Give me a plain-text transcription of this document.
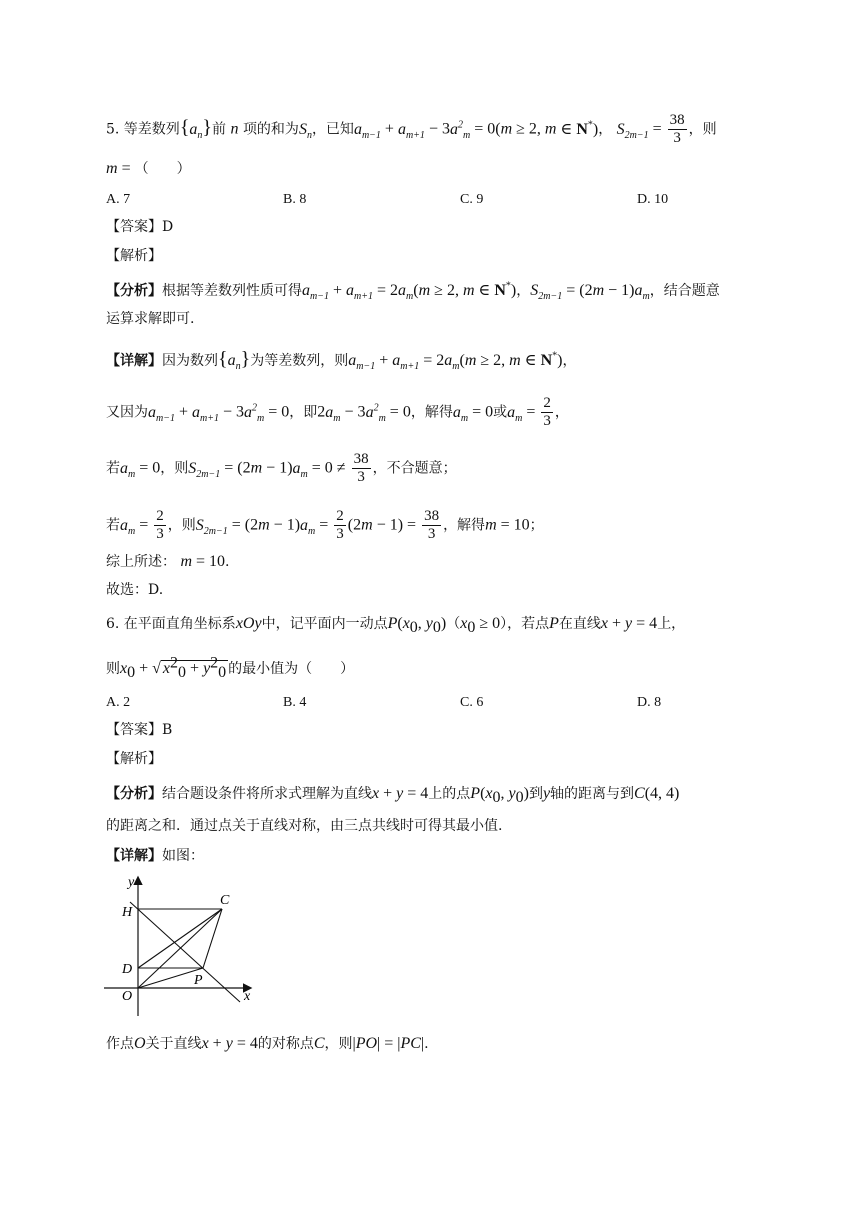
5. 等差数列$\{a_n\}$前 n 项的和为$S_n$，已知$a_{m-1} + a_{m+1} - 3a^2_m = 0(m \ge 2$, m ∈ N*)， $S_{2m-1} = \frac{38}{3}$ ，则
m = （　　）
A. 7	B. 8	C. 9	D. 10
【答案】D
【解析】
【分析】根据等差数列性质可得$a_{m-1} + a_{m+1} = 2a_m(m \ge 2$, m ∈ N*)，$S_{2m-1} = (2m - 1)a_m$，结合题意
运算求解即可.
【详解】因为数列$\{a_n\}$为等差数列，则$a_{m-1} + a_{m+1} = 2a_m(m \ge 2$, m ∈ N*)，
又因为$a_{m-1} + a_{m+1} - 3a^2_m = 0$，即$2a_m - 3a^2_m = 0$，解得$a_m = 0$或$a_m = \frac{2}{3}$ ，
若$a_m = 0$，则$S_{2m-1} = (2m - 1)a_m = 0 \ne \frac{38}{3}$ ，不合题意；
若$a_m = \frac{2}{3}$ ，则$S_{2m-1} = (2m - 1)a_m = \frac{2}{3} (2m - 1) = \frac{38}{3}$ ，解得m = 10；
综上所述： m = 10.
故选：D.
6. 在平面直角坐标系xOy中，记平面内一动点$P(x_0$, $y_0)(x_0 \ge 0)$，若点P在直线x + y = 4上，
则$x_0$ + √ $x^2_0 + y^2_0$ 的最小值为（　　）
A. 2	B. 4	C. 6	D. 8
【答案】B
【解析】
【分析】结合题设条件将所求式理解为直线x + y = 4上的点$P(x_0$, $y_0$)到y轴的距离与到C(4, 4)
的距离之和．通过点关于直线对称，由三点共线时可得其最小值.
【详解】如图：
y
H
C
D
P
O	x
作点O关于直线x + y = 4的对称点C，则|PO| = |PC|.
